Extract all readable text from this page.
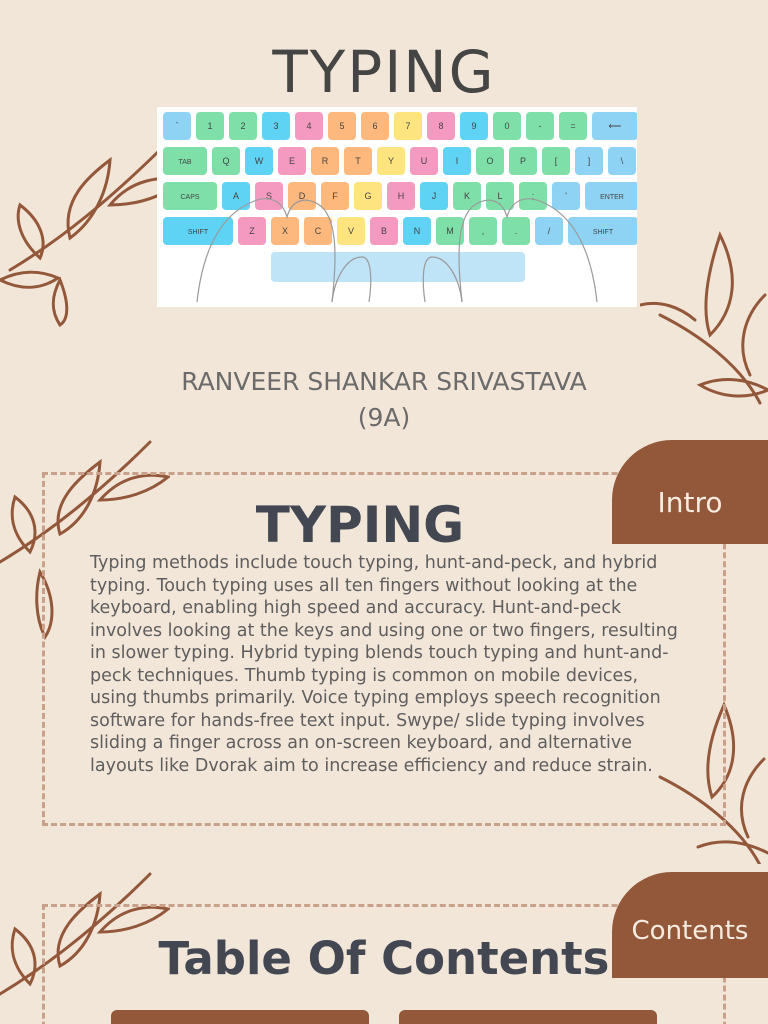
TYPING
`	1	2	3	4	5	6	7	8	9	0	-	=	⟵
TAB	Q	W	E	R	T	Y	U	I	O	P	[	]	\
CAPS	A	S	D	F	G	H	J	K	L	;	'	ENTER
SHIFT	Z	X	C	V	B	N	M	,	.	/	SHIFT
RANVEER SHANKAR SRIVASTAVA
(9A)
Intro
TYPING

Typing methods include touch typing, hunt-and-peck, and hybrid typing. Touch typing uses all ten fingers without looking at the keyboard, enabling high speed and accuracy. Hunt-and-peck involves looking at the keys and using one or two fingers, resulting in slower typing. Hybrid typing blends touch typing and hunt-and-peck techniques. Thumb typing is common on mobile devices, using thumbs primarily. Voice typing employs speech recognition software for hands-free text input. Swype/ slide typing involves sliding a finger across an on-screen keyboard, and alternative layouts like Dvorak aim to increase efficiency and reduce strain.

Contents
Table Of Contents
